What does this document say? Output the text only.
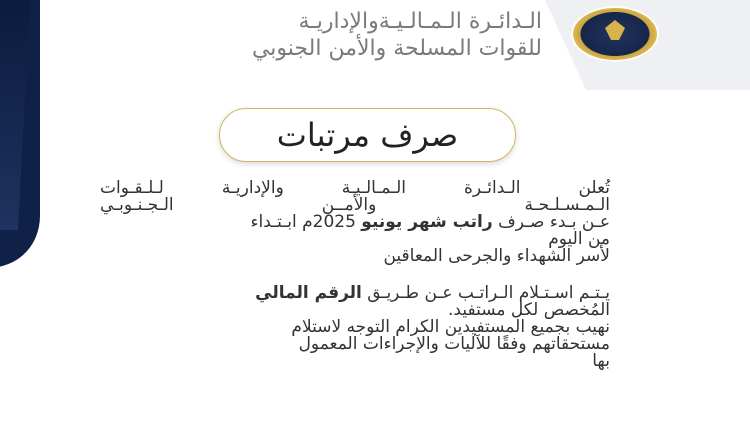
الـدائـرة الـمـالـيـةوالإداريـة
للقوات المسلحة والأمن الجنوبي
صرف مرتبات
تُعلن الـدائـرة الـمـالـيـة والإداريـة لـلـقـوات
الـمـسـلـحـة والأمــن الـجـنـوبـي
عـن بـدء صـرف راتب شهر يونيو 2025م ابـتـداء
من اليوم
لأسر الشهداء والجرحى المعاقين
يـتـم اسـتـلام الـراتـب عـن طـريـق الرقم المالي
المُخصص لكل مستفيد.
نهيب بجميع المستفيدين الكرام التوجه لاستلام
مستحقاتهم وفقًا للآليات والإجراءات المعمول
بها
